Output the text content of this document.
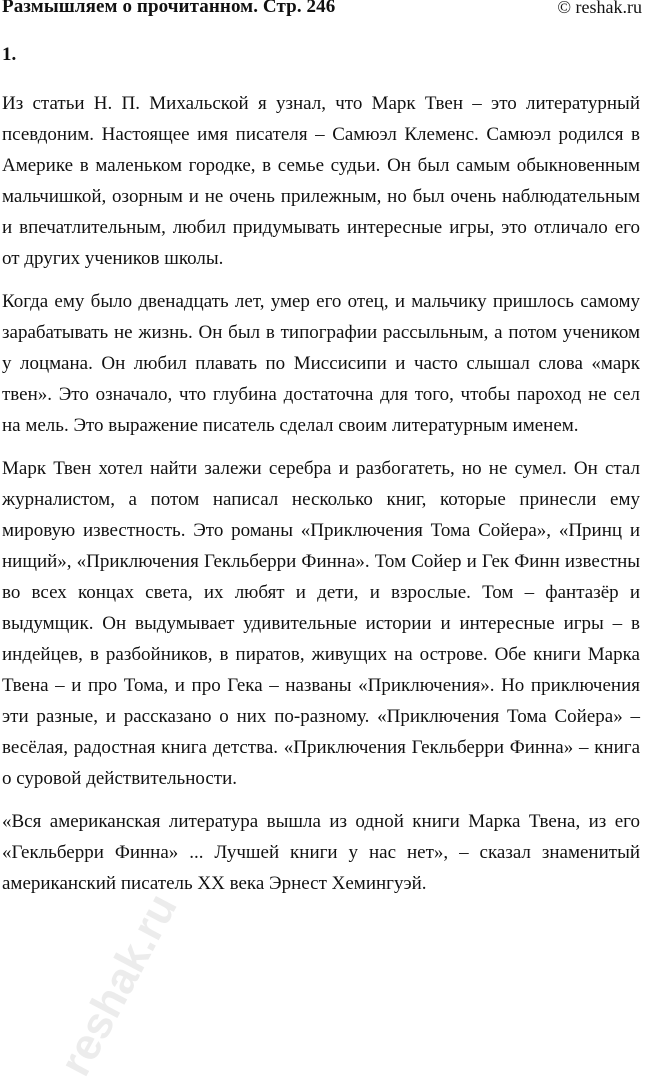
Размышляем о прочитанном. Стр. 246	© reshak.ru
1.

Из статьи Н. П. Михальской я узнал, что Марк Твен – это литературный псевдоним. Настоящее имя писателя – Самюэл Клеменс. Самюэл родился в Америке в маленьком городке, в семье судьи. Он был самым обыкновенным мальчишкой, озорным и не очень прилежным, но был очень наблюдательным и впечатлительным, любил придумывать интересные игры, это отличало его от других учеников школы.

Когда ему было двенадцать лет, умер его отец, и мальчику пришлось самому зарабатывать не жизнь. Он был в типографии рассыльным, а потом учеником у лоцмана. Он любил плавать по Миссисипи и часто слышал слова «марк твен». Это означало, что глубина достаточна для того, чтобы пароход не сел на мель. Это выражение писатель сделал своим литературным именем.

Марк Твен хотел найти залежи серебра и разбогатеть, но не сумел. Он стал журналистом, а потом написал несколько книг, которые принесли ему мировую известность. Это романы «Приключения Тома Сойера», «Принц и нищий», «Приключения Гекльберри Финна». Том Сойер и Гек Финн известны во всех концах света, их любят и дети, и взрослые. Том – фантазёр и выдумщик. Он выдумывает удивительные истории и интересные игры – в индейцев, в разбойников, в пиратов, живущих на острове. Обе книги Марка Твена – и про Тома, и про Гека – названы «Приключения». Но приключения эти разные, и рассказано о них по-разному. «Приключения Тома Сойера» – весёлая, радостная книга детства. «Приключения Гекльберри Финна» – книга о суровой действительности.

«Вся американская литература вышла из одной книги Марка Твена, из его «Гекльберри Финна» ... Лучшей книги у нас нет», – сказал знаменитый американский писатель XX века Эрнест Хемингуэй.

reshak.ru
